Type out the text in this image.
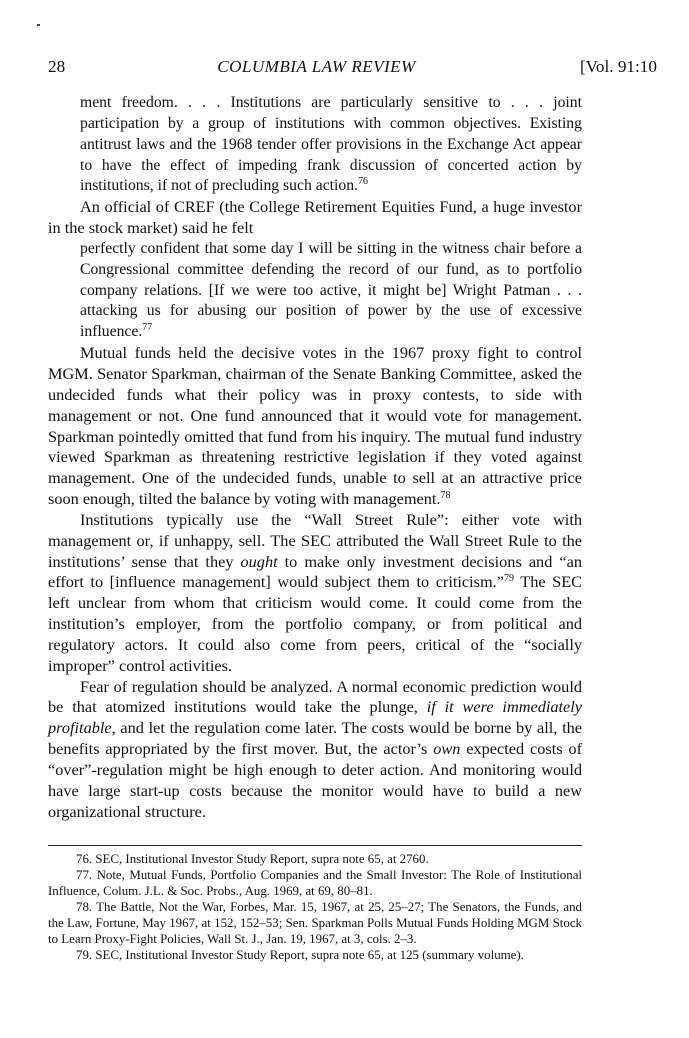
28	COLUMBIA LAW REVIEW	[Vol. 91:10

ment freedom. . . . Institutions are particularly sensitive to . . . joint participation by a group of institutions with common objectives. Existing antitrust laws and the 1968 tender offer provisions in the Exchange Act appear to have the effect of impeding frank discussion of concerted action by institutions, if not of precluding such action.$^{76}$

An official of CREF (the College Retirement Equities Fund, a huge investor in the stock market) said he felt

perfectly confident that some day I will be sitting in the witness chair before a Congressional committee defending the record of our fund, as to portfolio company relations. [If we were too active, it might be] Wright Patman . . . attacking us for abusing our position of power by the use of excessive influence.$^{77}$

Mutual funds held the decisive votes in the 1967 proxy fight to control MGM. Senator Sparkman, chairman of the Senate Banking Committee, asked the undecided funds what their policy was in proxy contests, to side with management or not. One fund announced that it would vote for management. Sparkman pointedly omitted that fund from his inquiry. The mutual fund industry viewed Sparkman as threatening restrictive legislation if they voted against management. One of the undecided funds, unable to sell at an attractive price soon enough, tilted the balance by voting with management.$^{78}$

Institutions typically use the “Wall Street Rule”: either vote with management or, if unhappy, sell. The SEC attributed the Wall Street Rule to the institutions’ sense that they ought to make only investment decisions and “an effort to [influence management] would subject them to criticism.”$^{79}$ The SEC left unclear from whom that criticism would come. It could come from the institution’s employer, from the portfolio company, or from political and regulatory actors. It could also come from peers, critical of the “socially improper” control activities.

Fear of regulation should be analyzed. A normal economic prediction would be that atomized institutions would take the plunge, if it were immediately profitable, and let the regulation come later. The costs would be borne by all, the benefits appropriated by the first mover. But, the actor’s own expected costs of “over”-regulation might be high enough to deter action. And monitoring would have large start-up costs because the monitor would have to build a new organizational structure.

76. SEC, Institutional Investor Study Report, supra note 65, at 2760.

77. Note, Mutual Funds, Portfolio Companies and the Small Investor: The Role of Institutional Influence, Colum. J.L. & Soc. Probs., Aug. 1969, at 69, 80–81.

78. The Battle, Not the War, Forbes, Mar. 15, 1967, at 25, 25–27; The Senators, the Funds, and the Law, Fortune, May 1967, at 152, 152–53; Sen. Sparkman Polls Mutual Funds Holding MGM Stock to Learn Proxy-Fight Policies, Wall St. J., Jan. 19, 1967, at 3, cols. 2–3.

79. SEC, Institutional Investor Study Report, supra note 65, at 125 (summary volume).
